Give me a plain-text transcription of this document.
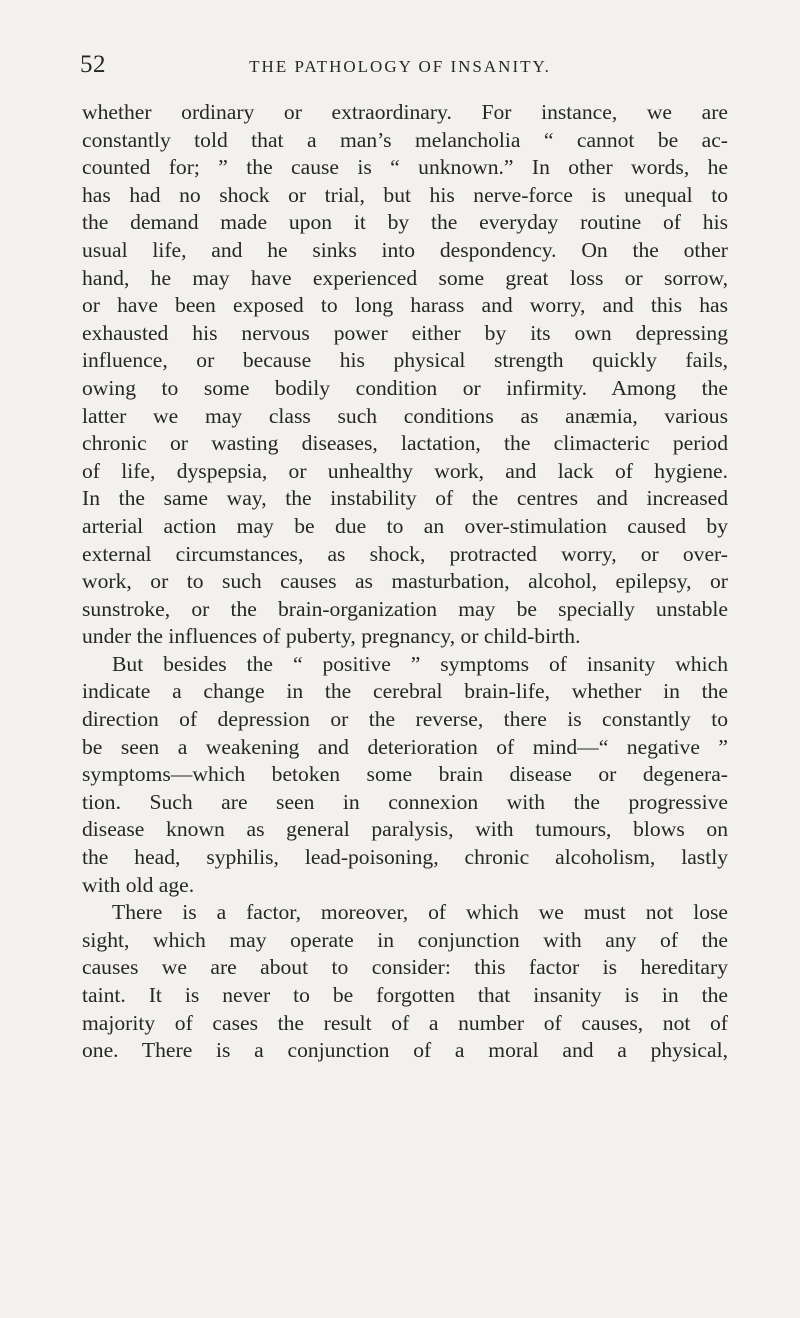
52	THE PATHOLOGY OF INSANITY.
whether ordinary or extraordinary. For instance, we are
constantly told that a man’s melancholia “ cannot be ac-
counted for; ” the cause is “ unknown.” In other words, he
has had no shock or trial, but his nerve-force is unequal to
the demand made upon it by the everyday routine of his
usual life, and he sinks into despondency. On the other
hand, he may have experienced some great loss or sorrow,
or have been exposed to long harass and worry, and this has
exhausted his nervous power either by its own depressing
influence, or because his physical strength quickly fails,
owing to some bodily condition or infirmity. Among the
latter we may class such conditions as anæmia, various
chronic or wasting diseases, lactation, the climacteric period
of life, dyspepsia, or unhealthy work, and lack of hygiene.
In the same way, the instability of the centres and increased
arterial action may be due to an over-stimulation caused by
external circumstances, as shock, protracted worry, or over-
work, or to such causes as masturbation, alcohol, epilepsy, or
sunstroke, or the brain-organization may be specially unstable
under the influences of puberty, pregnancy, or child-birth.
But besides the “ positive ” symptoms of insanity which
indicate a change in the cerebral brain-life, whether in the
direction of depression or the reverse, there is constantly to
be seen a weakening and deterioration of mind—“ negative ”
symptoms—which betoken some brain disease or degenera-
tion. Such are seen in connexion with the progressive
disease known as general paralysis, with tumours, blows on
the head, syphilis, lead-poisoning, chronic alcoholism, lastly
with old age.
There is a factor, moreover, of which we must not lose
sight, which may operate in conjunction with any of the
causes we are about to consider: this factor is hereditary
taint. It is never to be forgotten that insanity is in the
majority of cases the result of a number of causes, not of
one. There is a conjunction of a moral and a physical,
